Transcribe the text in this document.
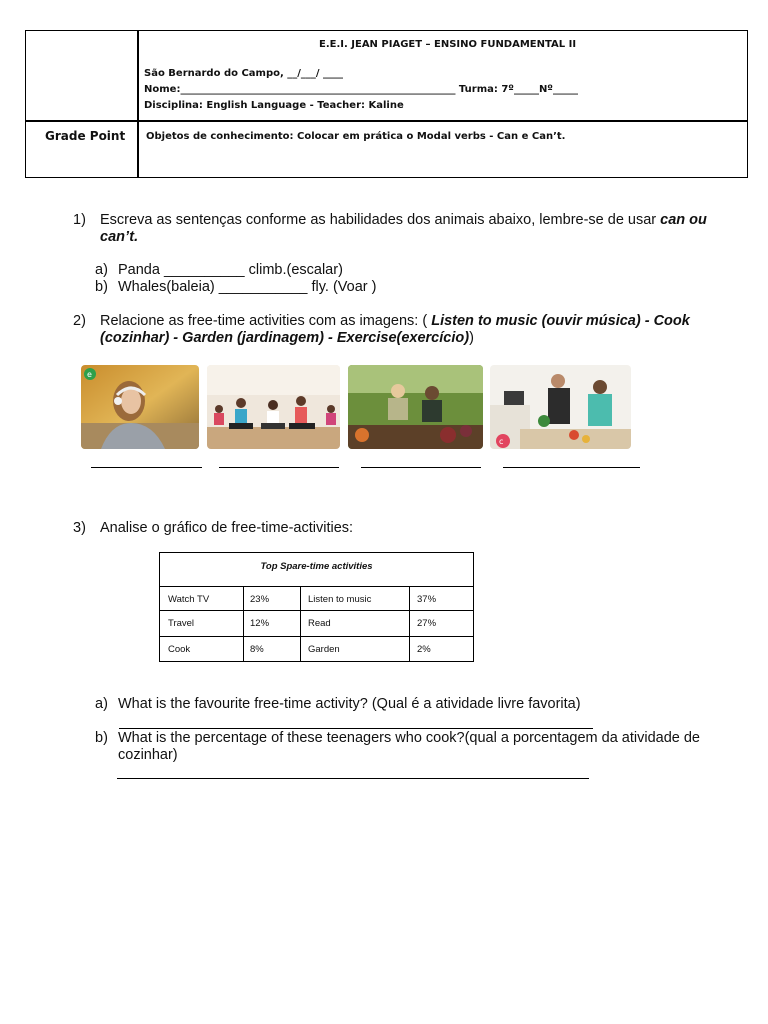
E.E.I. JEAN PIAGET – ENSINO FUNDAMENTAL II
São Bernardo do Campo, __/___/ ____
Nome:_______________________________________________________ Turma: 7º_____Nº_____
Disciplina: English Language - Teacher: Kaline
Grade Point Objetos de conhecimento: Colocar em prática o Modal verbs - Can e Can’t.
1) Escreva as sentenças conforme as habilidades dos animais abaixo, lembre-se de usar can ou
can’t.
a) Panda __________ climb.(escalar)
b) Whales(baleia) ___________ fly. (Voar )
2) Relacione as free-time activities com as imagens: ( Listen to music (ouvir música) - Cook
(cozinhar) - Garden (jardinagem) - Exercise(exercício))
e
c
3) Analise o gráfico de free-time-activities:
Top Spare-time activities
Watch TV	23%	Listen to music	37%
Travel	12%	Read	27%
Cook	8%	Garden	2%
a) What is the favourite free-time activity? (Qual é a atividade livre favorita)
b) What is the percentage of these teenagers who cook?(qual a porcentagem da atividade de
cozinhar)
